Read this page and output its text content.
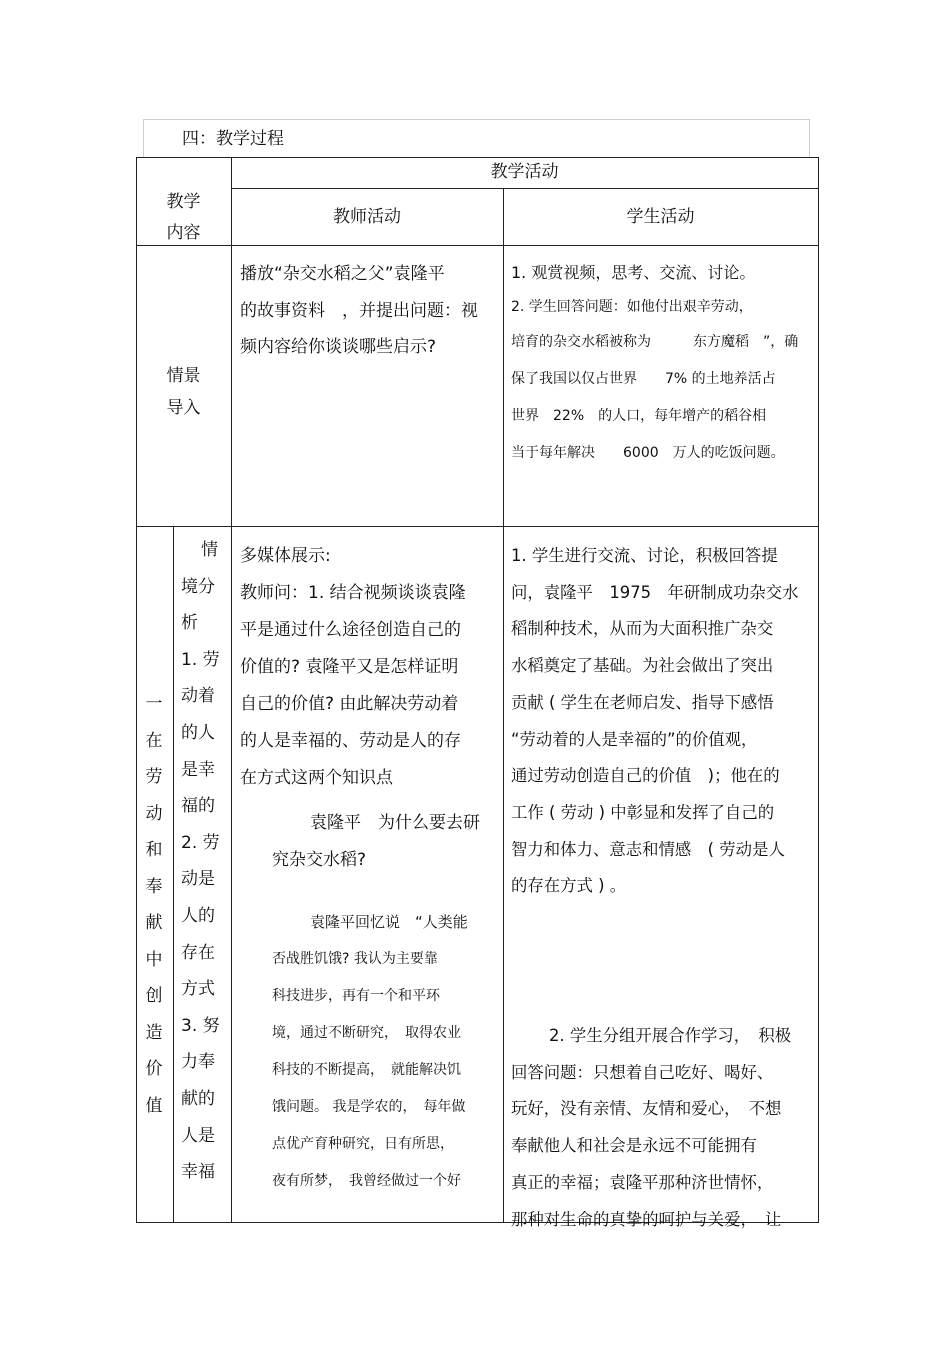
四：教学过程
教学活动
教学
内容
教师活动	学生活动
情景
导入
播放“杂交水稻之父”袁隆平
的故事资料　，并提出问题：视
频内容给你谈谈哪些启示?
1. 观赏视频，思考、交流、讨论。
2. 学生回答问题：如他付出艰辛劳动，
培育的杂交水稻被称为　　　东方魔稻　”，确
保了我国以仅占世界　　7% 的土地养活占
世界　22%　的人口，每年增产的稻谷相
当于每年解决　　6000　万人的吃饭问题。
一
在
劳
动
和
奉
献
中
创
造
价
值
情
境分
析
1. 劳
动着
的人
是幸
福的
2. 劳
动是
人的
存在
方式
3. 努
力奉
献的
人是
幸福
多媒体展示:
教师问：1. 结合视频谈谈袁隆
平是通过什么途径创造自己的
价值的? 袁隆平又是怎样证明
自己的价值? 由此解决劳动着
的人是幸福的、劳动是人的存
在方式这两个知识点
袁隆平　为什么要去研
究杂交水稻?
袁隆平回忆说　“人类能
否战胜饥饿? 我认为主要靠
科技进步，再有一个和平环
境，通过不断研究，　取得农业
科技的不断提高，　就能解决饥
饿问题。 我是学农的，　每年做
点优产育种研究，日有所思，
夜有所梦，　我曾经做过一个好
1. 学生进行交流、讨论，积极回答提
问，袁隆平　1975　年研制成功杂交水
稻制种技术，从而为大面积推广杂交
水稻奠定了基础。为社会做出了突出
贡献 ( 学生在老师启发、指导下感悟
“劳动着的人是幸福的”的价值观，
通过劳动创造自己的价值　)；他在的
工作 ( 劳动 ) 中彰显和发挥了自己的
智力和体力、意志和情感　( 劳动是人
的存在方式 ) 。
2. 学生分组开展合作学习，　积极
回答问题：只想着自己吃好、喝好、
玩好，没有亲情、友情和爱心，　不想
奉献他人和社会是永远不可能拥有
真正的幸福；袁隆平那种济世情怀，
那种对生命的真挚的呵护与关爱，　让
